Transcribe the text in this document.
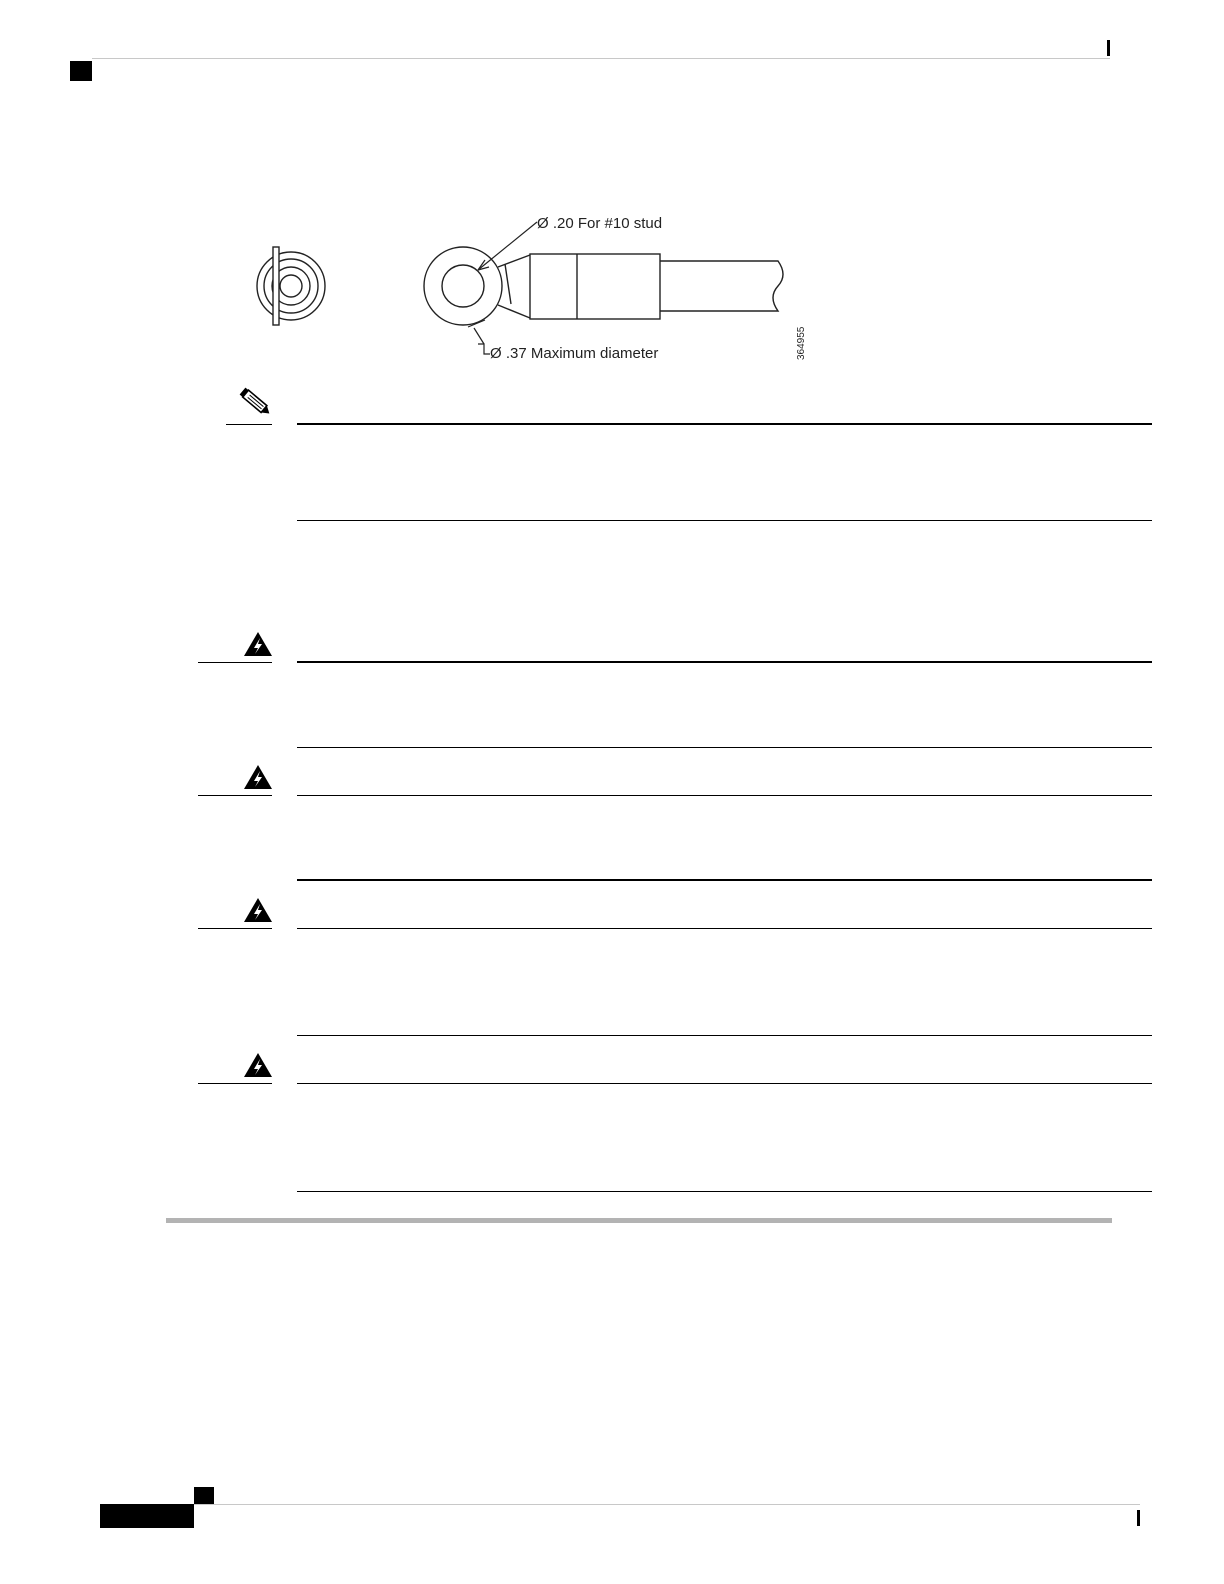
Ø .20 For #10 stud
Ø .37 Maximum diameter	364955
